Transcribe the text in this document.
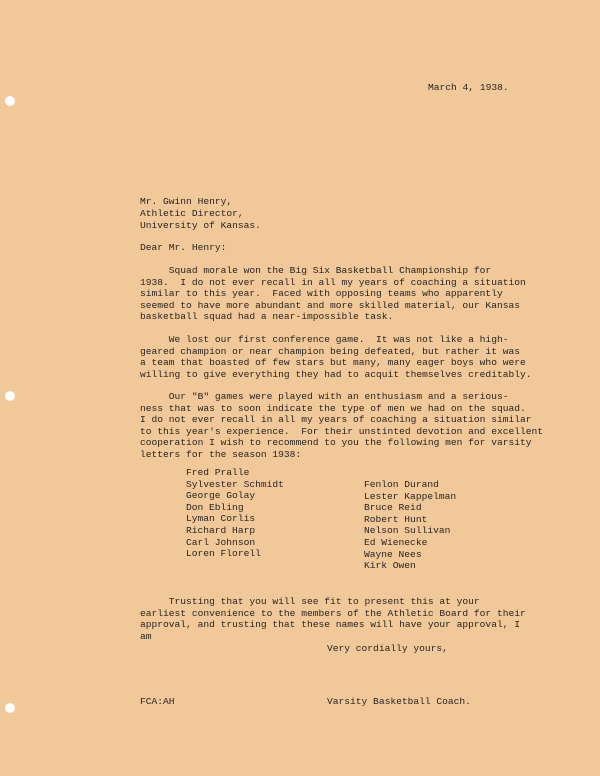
March 4, 1938.
Mr. Gwinn Henry,
Athletic Director,
University of Kansas.
Dear Mr. Henry:
Squad morale won the Big Six Basketball Championship for
1938.  I do not ever recall in all my years of coaching a situation
similar to this year.  Faced with opposing teams who apparently
seemed to have more abundant and more skilled material, our Kansas
basketball squad had a near-impossible task.
We lost our first conference game.  It was not like a high-
geared champion or near champion being defeated, but rather it was
a team that boasted of few stars but many, many eager boys who were
willing to give everything they had to acquit themselves creditably.
Our "B" games were played with an enthusiasm and a serious-
ness that was to soon indicate the type of men we had on the squad.
I do not ever recall in all my years of coaching a situation similar
to this year's experience.  For their unstinted devotion and excellent
cooperation I wish to recommend to you the following men for varsity
letters for the season 1938:
Fred Pralle
Sylvester Schmidt
George Golay
Don Ebling
Lyman Corlis
Richard Harp
Carl Johnson
Loren Florell
Fenlon Durand
Lester Kappelman
Bruce Reid
Robert Hunt
Nelson Sullivan
Ed Wienecke
Wayne Nees
Kirk Owen
Trusting that you will see fit to present this at your
earliest convenience to the members of the Athletic Board for their
approval, and trusting that these names will have your approval, I
am
Very cordially yours,
FCA:AH	Varsity Basketball Coach.
